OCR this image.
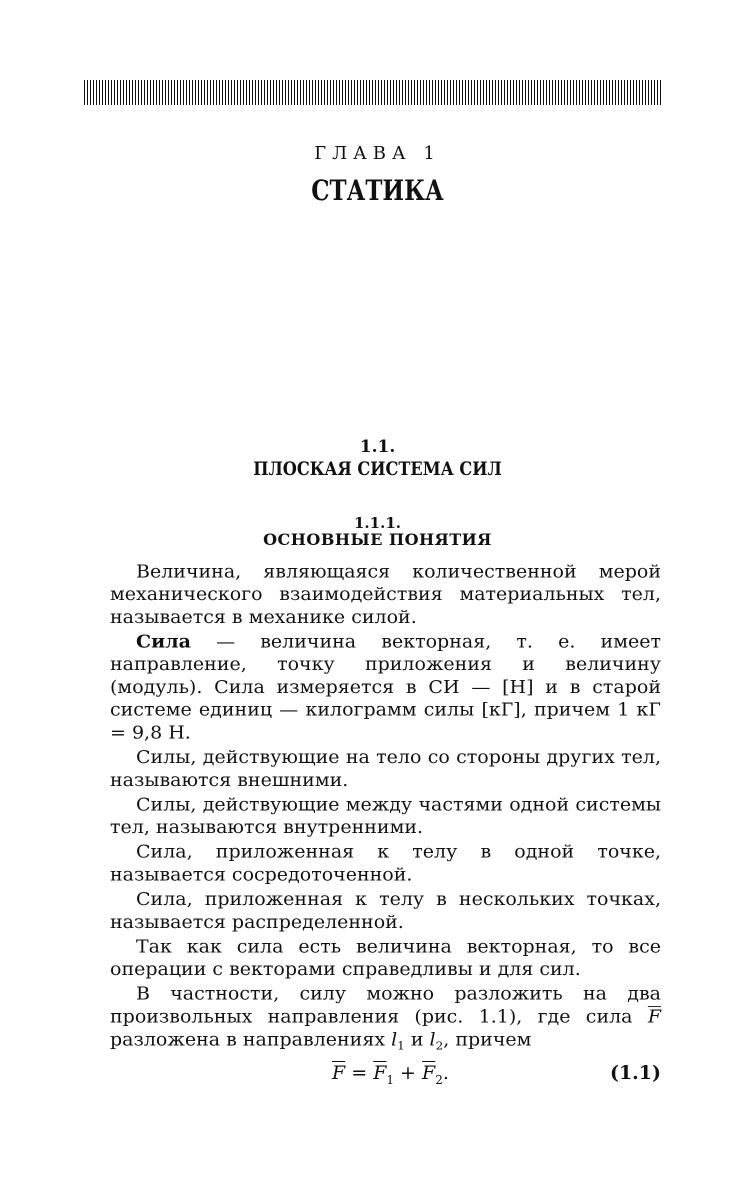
ГЛАВА 1
СТАТИКА
1.1.
ПЛОСКАЯ СИСТЕМА СИЛ
1.1.1.
ОСНОВНЫЕ ПОНЯТИЯ

Величина, являющаяся количественной мерой механического взаимодействия материальных тел, называется в механике силой.

Сила — величина векторная, т. е. имеет направление, точку приложения и величину (модуль). Сила измеряется в СИ — [Н] и в старой системе единиц — килограмм силы [кГ], причем 1 кГ = 9,8 Н.

Силы, действующие на тело со стороны других тел, называются внешними.

Силы, действующие между частями одной системы тел, называются внутренними.

Сила, приложенная к телу в одной точке, называется сосредоточенной.

Сила, приложенная к телу в нескольких точках, называется распределенной.

Так как сила есть величина векторная, то все операции с векторами справедливы и для сил.

В частности, силу можно разложить на два произвольных направления (рис. 1.1), где сила $\overline{F}$ разложена в направлениях $l_1$ и $l_2$, причем

$\overline{F} = \overline{F}_1 + \overline{F}_2$.	(1.1)
